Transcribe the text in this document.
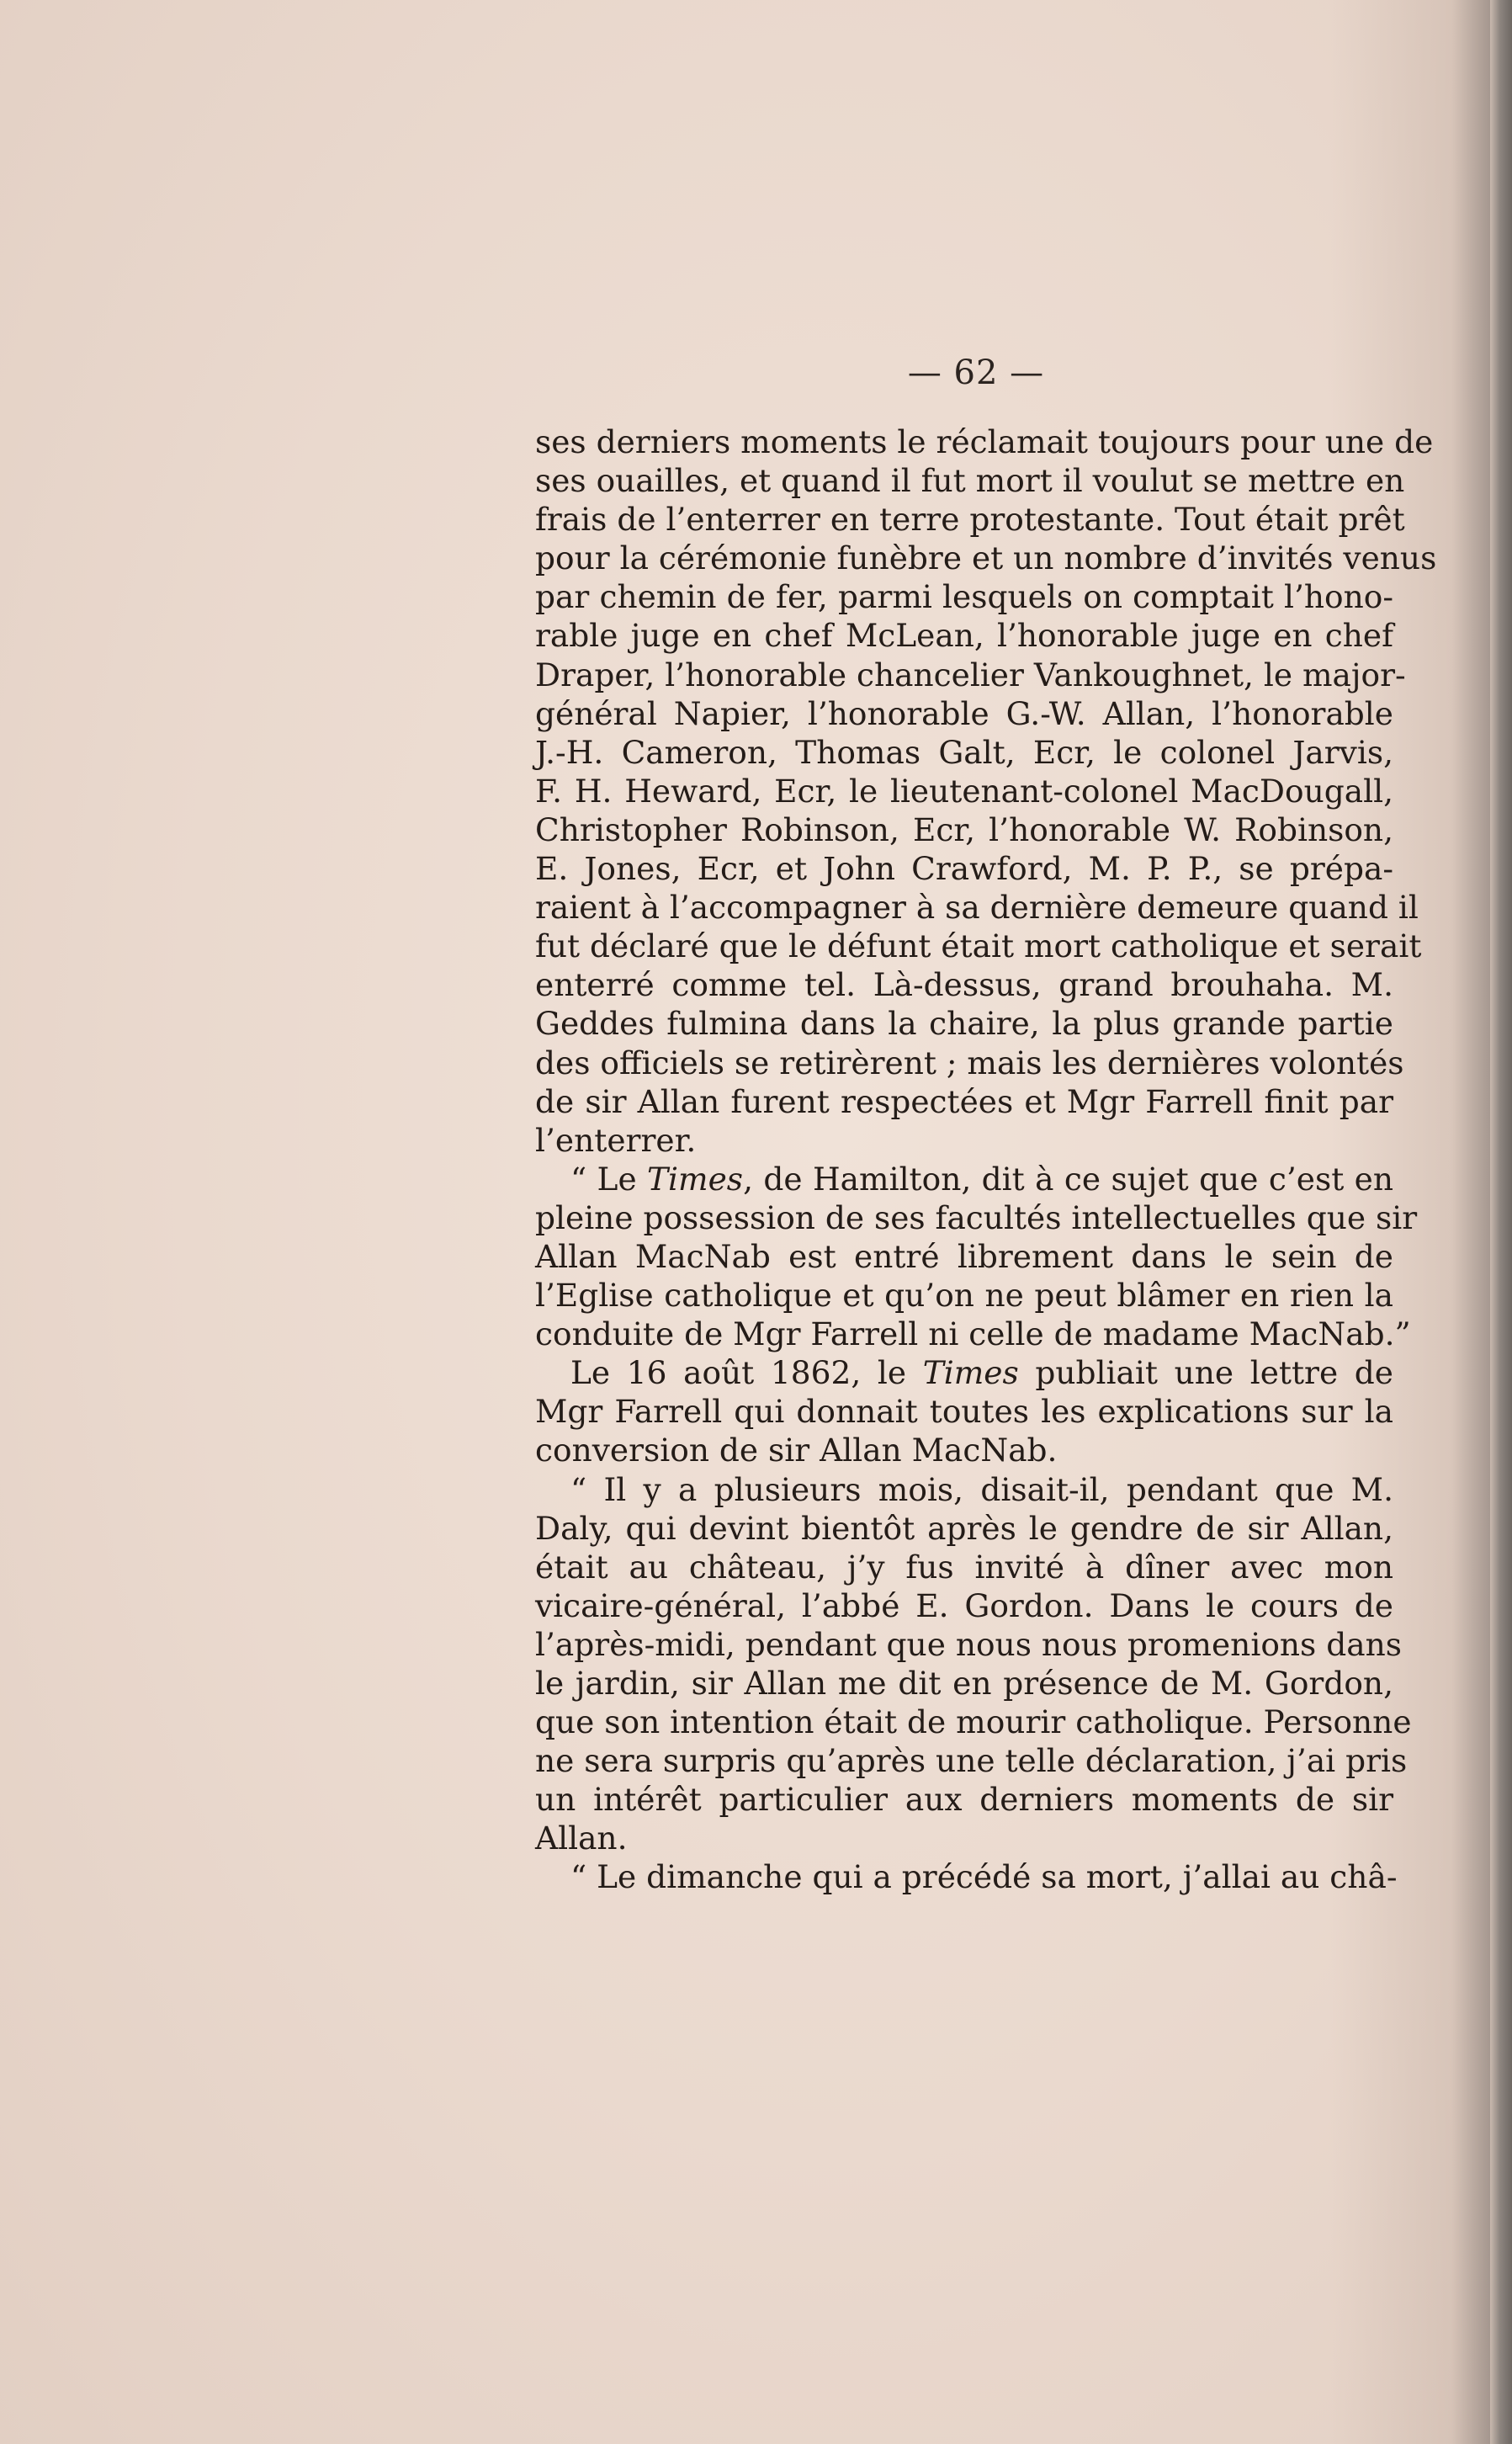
— 62 —
ses derniers moments le réclamait toujours pour une de
ses ouailles, et quand il fut mort il voulut se mettre en
frais de l’enterrer en terre protestante. Tout était prêt
pour la cérémonie funèbre et un nombre d’invités venus
par chemin de fer, parmi lesquels on comptait l’hono-
rable juge en chef McLean, l’honorable juge en chef
Draper, l’honorable chancelier Vankoughnet, le major-
général Napier, l’honorable G.-W. Allan, l’honorable
J.-H. Cameron, Thomas Galt, Ecr, le colonel Jarvis,
F. H. Heward, Ecr, le lieutenant-colonel MacDougall,
Christopher Robinson, Ecr, l’honorable W. Robinson,
E. Jones, Ecr, et John Crawford, M. P. P., se prépa-
raient à l’accompagner à sa dernière demeure quand il
fut déclaré que le défunt était mort catholique et serait
enterré comme tel. Là-dessus, grand brouhaha. M.
Geddes fulmina dans la chaire, la plus grande partie
des officiels se retirèrent ; mais les dernières volontés
de sir Allan furent respectées et Mgr Farrell finit par
l’enterrer.
“ Le Times, de Hamilton, dit à ce sujet que c’est en
pleine possession de ses facultés intellectuelles que sir
Allan MacNab est entré librement dans le sein de
l’Eglise catholique et qu’on ne peut blâmer en rien la
conduite de Mgr Farrell ni celle de madame MacNab.”
Le 16 août 1862, le Times publiait une lettre de
Mgr Farrell qui donnait toutes les explications sur la
conversion de sir Allan MacNab.
“ Il y a plusieurs mois, disait-il, pendant que M.
Daly, qui devint bientôt après le gendre de sir Allan,
était au château, j’y fus invité à dîner avec mon
vicaire-général, l’abbé E. Gordon. Dans le cours de
l’après-midi, pendant que nous nous promenions dans
le jardin, sir Allan me dit en présence de M. Gordon,
que son intention était de mourir catholique. Personne
ne sera surpris qu’après une telle déclaration, j’ai pris
un intérêt particulier aux derniers moments de sir
Allan.
“ Le dimanche qui a précédé sa mort, j’allai au châ-
